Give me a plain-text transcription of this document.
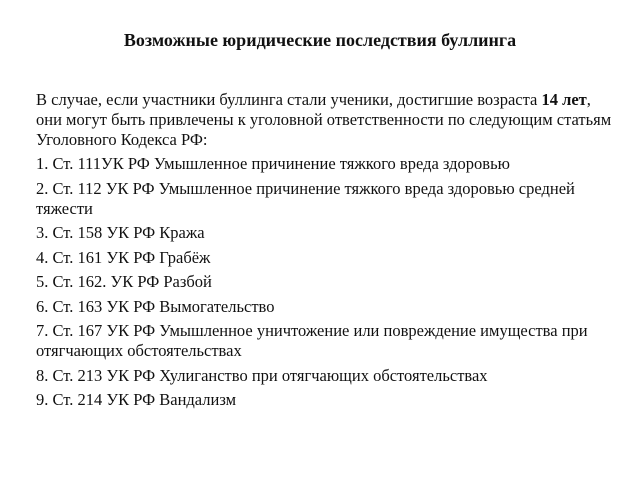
Возможные юридические последствия буллинга

В случае, если участники буллинга стали ученики, достигшие возраста 14 лет, они могут быть привлечены к уголовной ответственности по следующим статьям Уголовного Кодекса РФ:

1. Ст. 111УК РФ Умышленное причинение тяжкого вреда здоровью
2. Ст. 112 УК РФ Умышленное причинение тяжкого вреда здоровью средней тяжести
3. Ст. 158 УК РФ Кража
4. Ст. 161 УК РФ Грабёж
5. Ст. 162. УК РФ Разбой
6. Ст. 163 УК РФ Вымогательство
7. Ст. 167 УК РФ Умышленное уничтожение или повреждение имущества при отягчающих обстоятельствах
8. Ст. 213 УК РФ Хулиганство при отягчающих обстоятельствах
9. Ст. 214 УК РФ Вандализм
